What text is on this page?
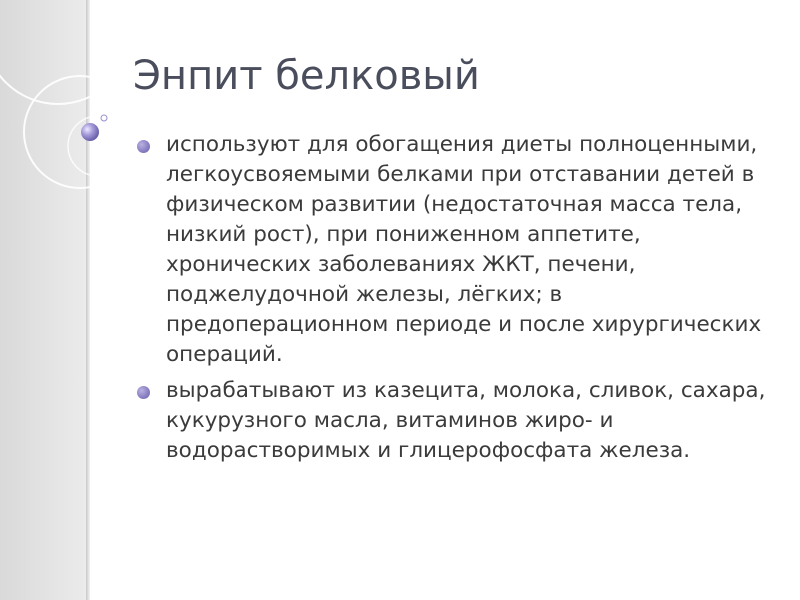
Энпит белковый
используют для обогащения диеты полноценными, легкоусвояемыми белками при отставании детей в физическом развитии (недостаточная масса тела, низкий рост), при пониженном аппетите, хронических заболеваниях ЖКТ, печени, поджелудочной железы, лёгких; в предоперационном периоде и после хирургических операций.
вырабатывают из казецита, молока, сливок, сахара, кукурузного масла, витаминов жиро- и водорастворимых и глицерофосфата железа.
